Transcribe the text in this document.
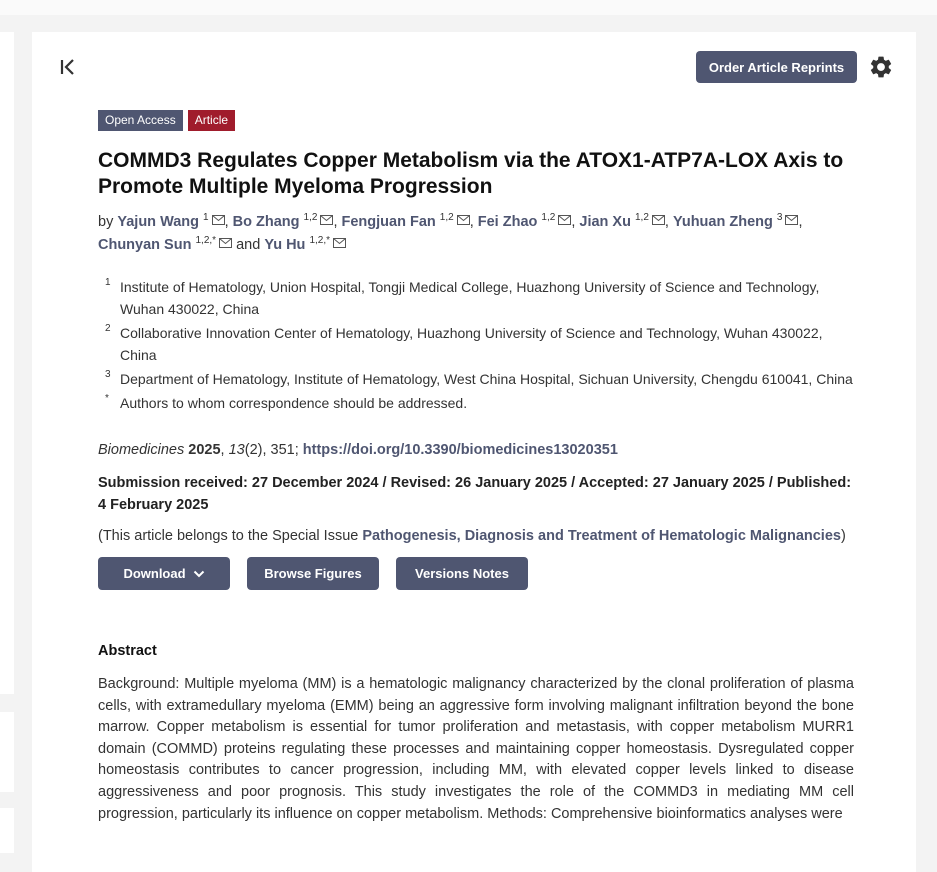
Order Article Reprints
Open Access	Article
COMMD3 Regulates Copper Metabolism via the ATOX1-ATP7A-LOX Axis to Promote Multiple Myeloma Progression
by Yajun Wang $^1$ , Bo Zhang $^{1,2}$ , Fengjuan Fan $^{1,2}$ , Fei Zhao $^{1,2}$ , Jian Xu $^{1,2}$ , Yuhuan Zheng $^3$ ,
Chunyan Sun $^{1,2,*}$ and Yu Hu $^{1,2,*}$
1 Institute of Hematology, Union Hospital, Tongji Medical College, Huazhong University of Science and Technology, Wuhan 430022, China
2 Collaborative Innovation Center of Hematology, Huazhong University of Science and Technology, Wuhan 430022, China
3 Department of Hematology, Institute of Hematology, West China Hospital, Sichuan University, Chengdu 610041, China
* Authors to whom correspondence should be addressed.
Biomedicines 2025, 13(2), 351; https://doi.org/10.3390/biomedicines13020351
Submission received: 27 December 2024 / Revised: 26 January 2025 / Accepted: 27 January 2025 / Published: 4 February 2025
(This article belongs to the Special Issue Pathogenesis, Diagnosis and Treatment of Hematologic Malignancies)
Download	Browse Figures	Versions Notes
Abstract
Background: Multiple myeloma (MM) is a hematologic malignancy characterized by the clonal proliferation of plasma cells, with extramedullary myeloma (EMM) being an aggressive form involving malignant infiltration beyond the bone marrow. Copper metabolism is essential for tumor proliferation and metastasis, with copper metabolism MURR1 domain (COMMD) proteins regulating these processes and maintaining copper homeostasis. Dysregulated copper homeostasis contributes to cancer progression, including MM, with elevated copper levels linked to disease aggressiveness and poor prognosis. This study investigates the role of the COMMD3 in mediating MM cell progression, particularly its influence on copper metabolism. Methods: Comprehensive bioinformatics analyses were
